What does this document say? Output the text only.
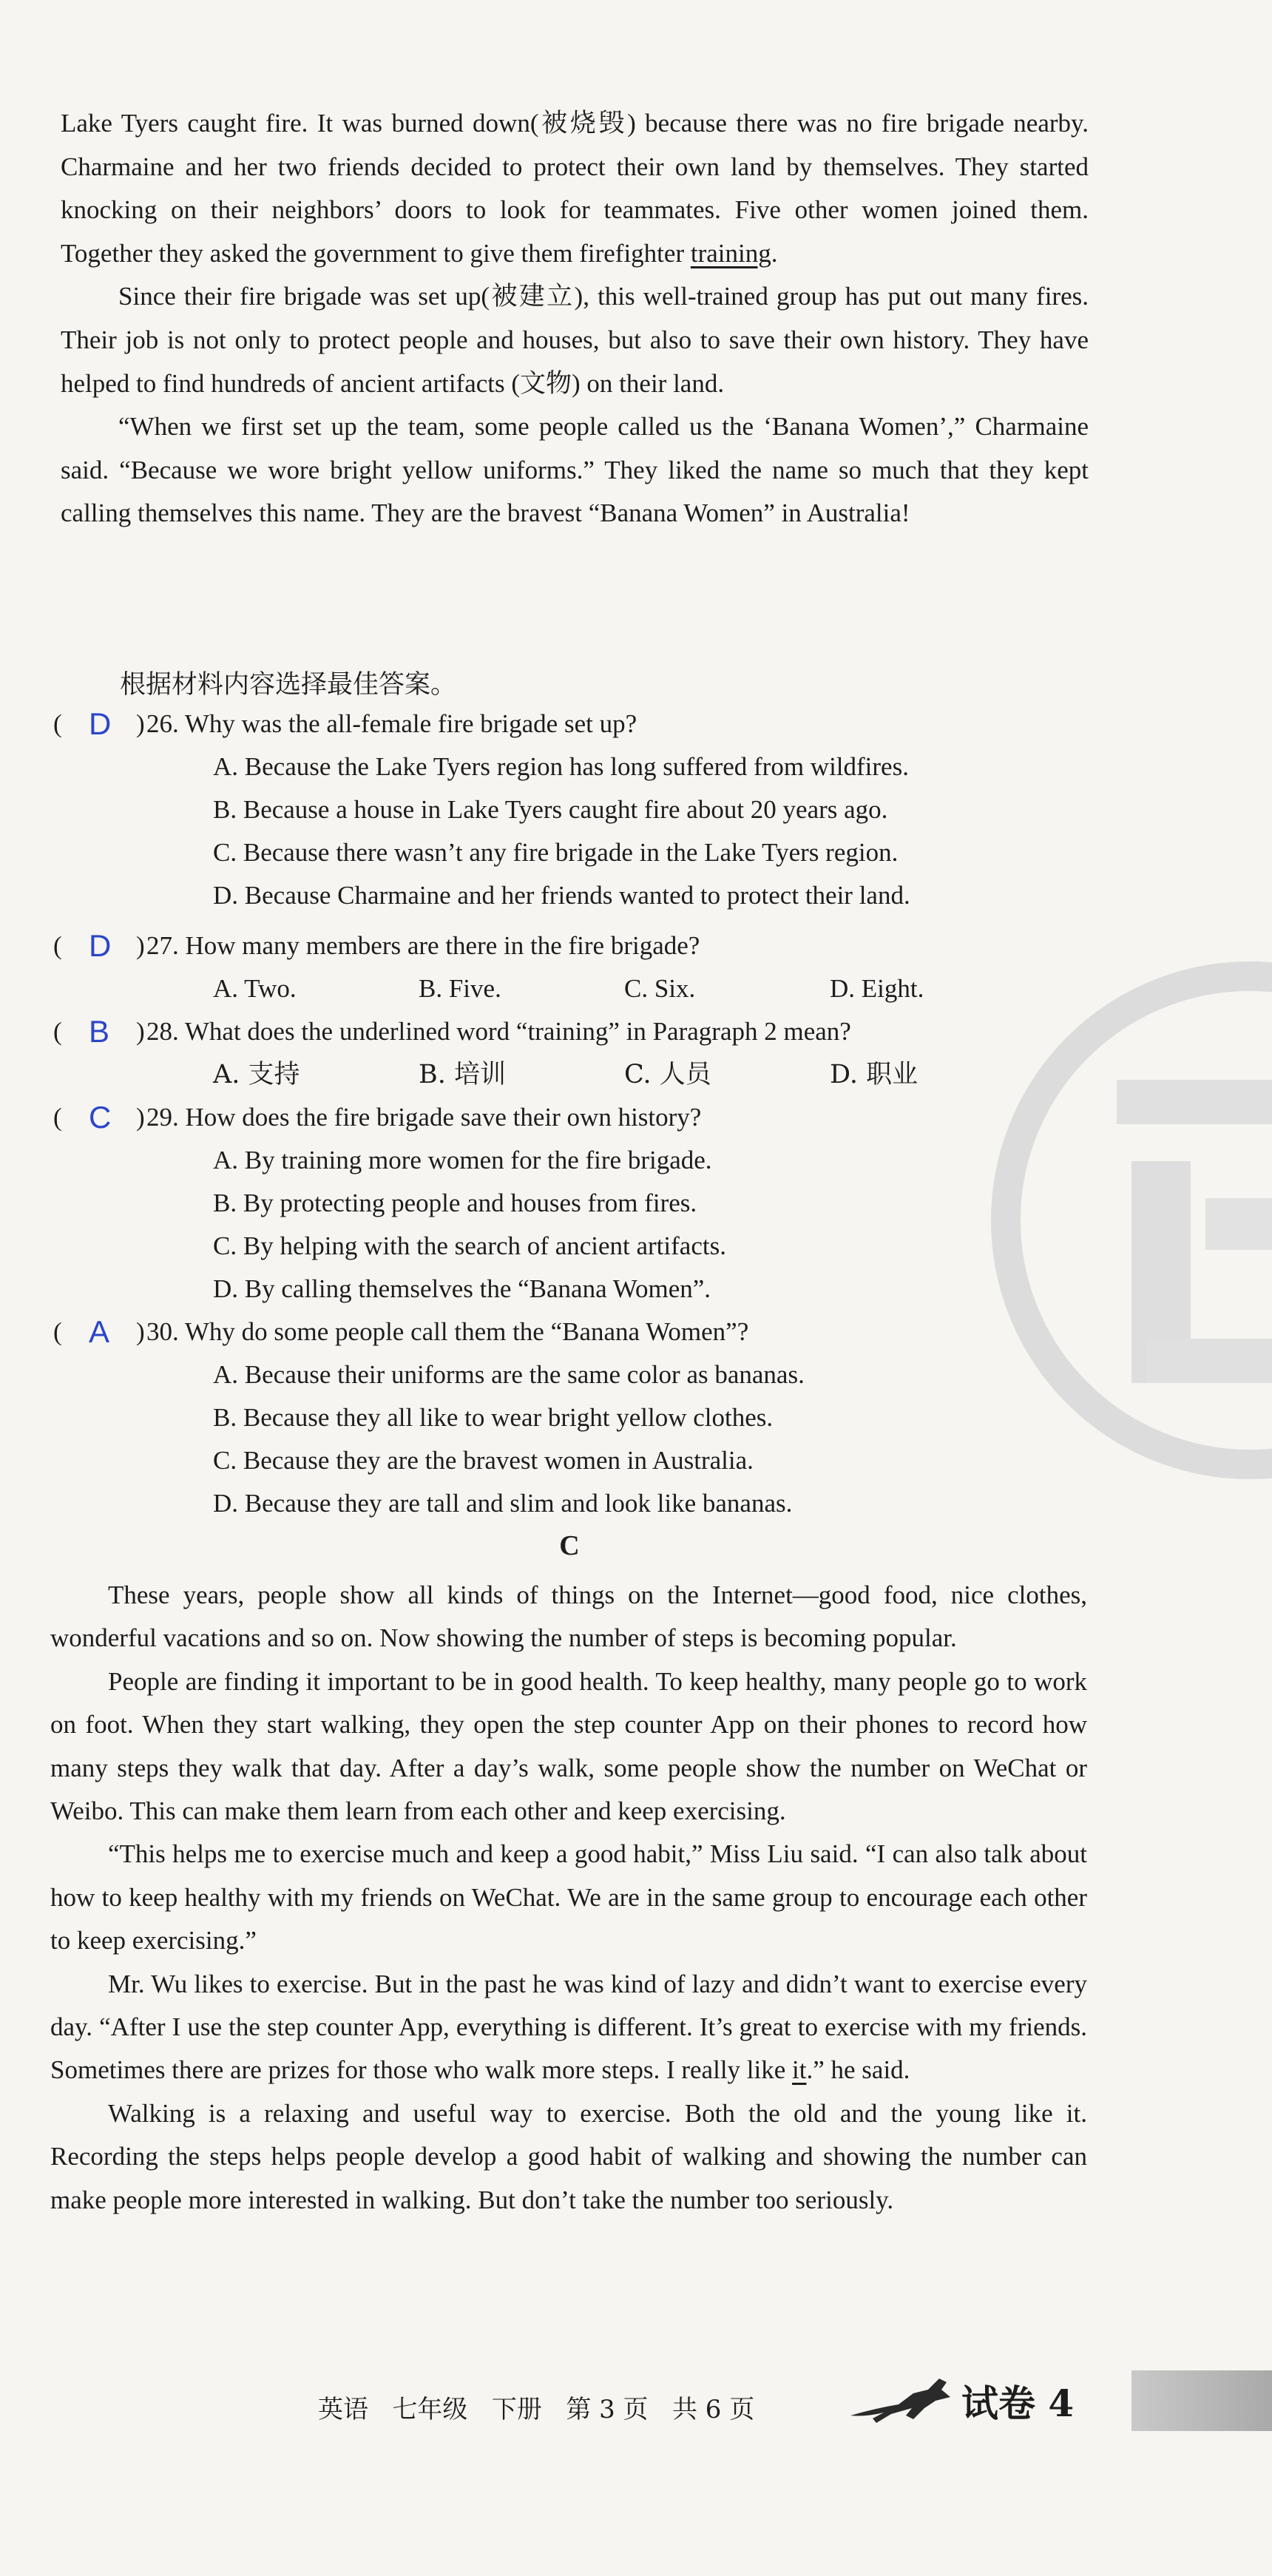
Lake Tyers caught fire. It was burned down(被烧毁) because there was no fire brigade nearby. Charmaine and her two friends decided to protect their own land by themselves. They started knocking on their neighbors’ doors to look for teammates. Five other women joined them. Together they asked the government to give them firefighter training.

Since their fire brigade was set up(被建立), this well-trained group has put out many fires. Their job is not only to protect people and houses, but also to save their own history. They have helped to find hundreds of ancient artifacts (文物) on their land.

“When we first set up the team, some people called us the ‘Banana Women’,” Charmaine said. “Because we wore bright yellow uniforms.” They liked the name so much that they kept calling themselves this name. They are the bravest “Banana Women” in Australia!

根据材料内容选择最佳答案。
( D ) 26. Why was the all-female fire brigade set up?
A. Because the Lake Tyers region has long suffered from wildfires.
B. Because a house in Lake Tyers caught fire about 20 years ago.
C. Because there wasn’t any fire brigade in the Lake Tyers region.
D. Because Charmaine and her friends wanted to protect their land.
( D ) 27. How many members are there in the fire brigade?
A. Two.	B. Five.	C. Six.	D. Eight.
( B ) 28. What does the underlined word “training” in Paragraph 2 mean?
A. 支持	B. 培训	C. 人员	D. 职业
( C ) 29. How does the fire brigade save their own history?
A. By training more women for the fire brigade.
B. By protecting people and houses from fires.
C. By helping with the search of ancient artifacts.
D. By calling themselves the “Banana Women”.
( A ) 30. Why do some people call them the “Banana Women”?
A. Because their uniforms are the same color as bananas.
B. Because they all like to wear bright yellow clothes.
C. Because they are the bravest women in Australia.
D. Because they are tall and slim and look like bananas.
C

These years, people show all kinds of things on the Internet—good food, nice clothes, wonderful vacations and so on. Now showing the number of steps is becoming popular.

People are finding it important to be in good health. To keep healthy, many people go to work on foot. When they start walking, they open the step counter App on their phones to record how many steps they walk that day. After a day’s walk, some people show the number on WeChat or Weibo. This can make them learn from each other and keep exercising.

“This helps me to exercise much and keep a good habit,” Miss Liu said. “I can also talk about how to keep healthy with my friends on WeChat. We are in the same group to encourage each other to keep exercising.”

Mr. Wu likes to exercise. But in the past he was kind of lazy and didn’t want to exercise every day. “After I use the step counter App, everything is different. It’s great to exercise with my friends. Sometimes there are prizes for those who walk more steps. I really like it.” he said.

Walking is a relaxing and useful way to exercise. Both the old and the young like it. Recording the steps helps people develop a good habit of walking and showing the number can make people more interested in walking. But don’t take the number too seriously.

英语 七年级 下册 第 3 页 共 6 页	试卷 4
